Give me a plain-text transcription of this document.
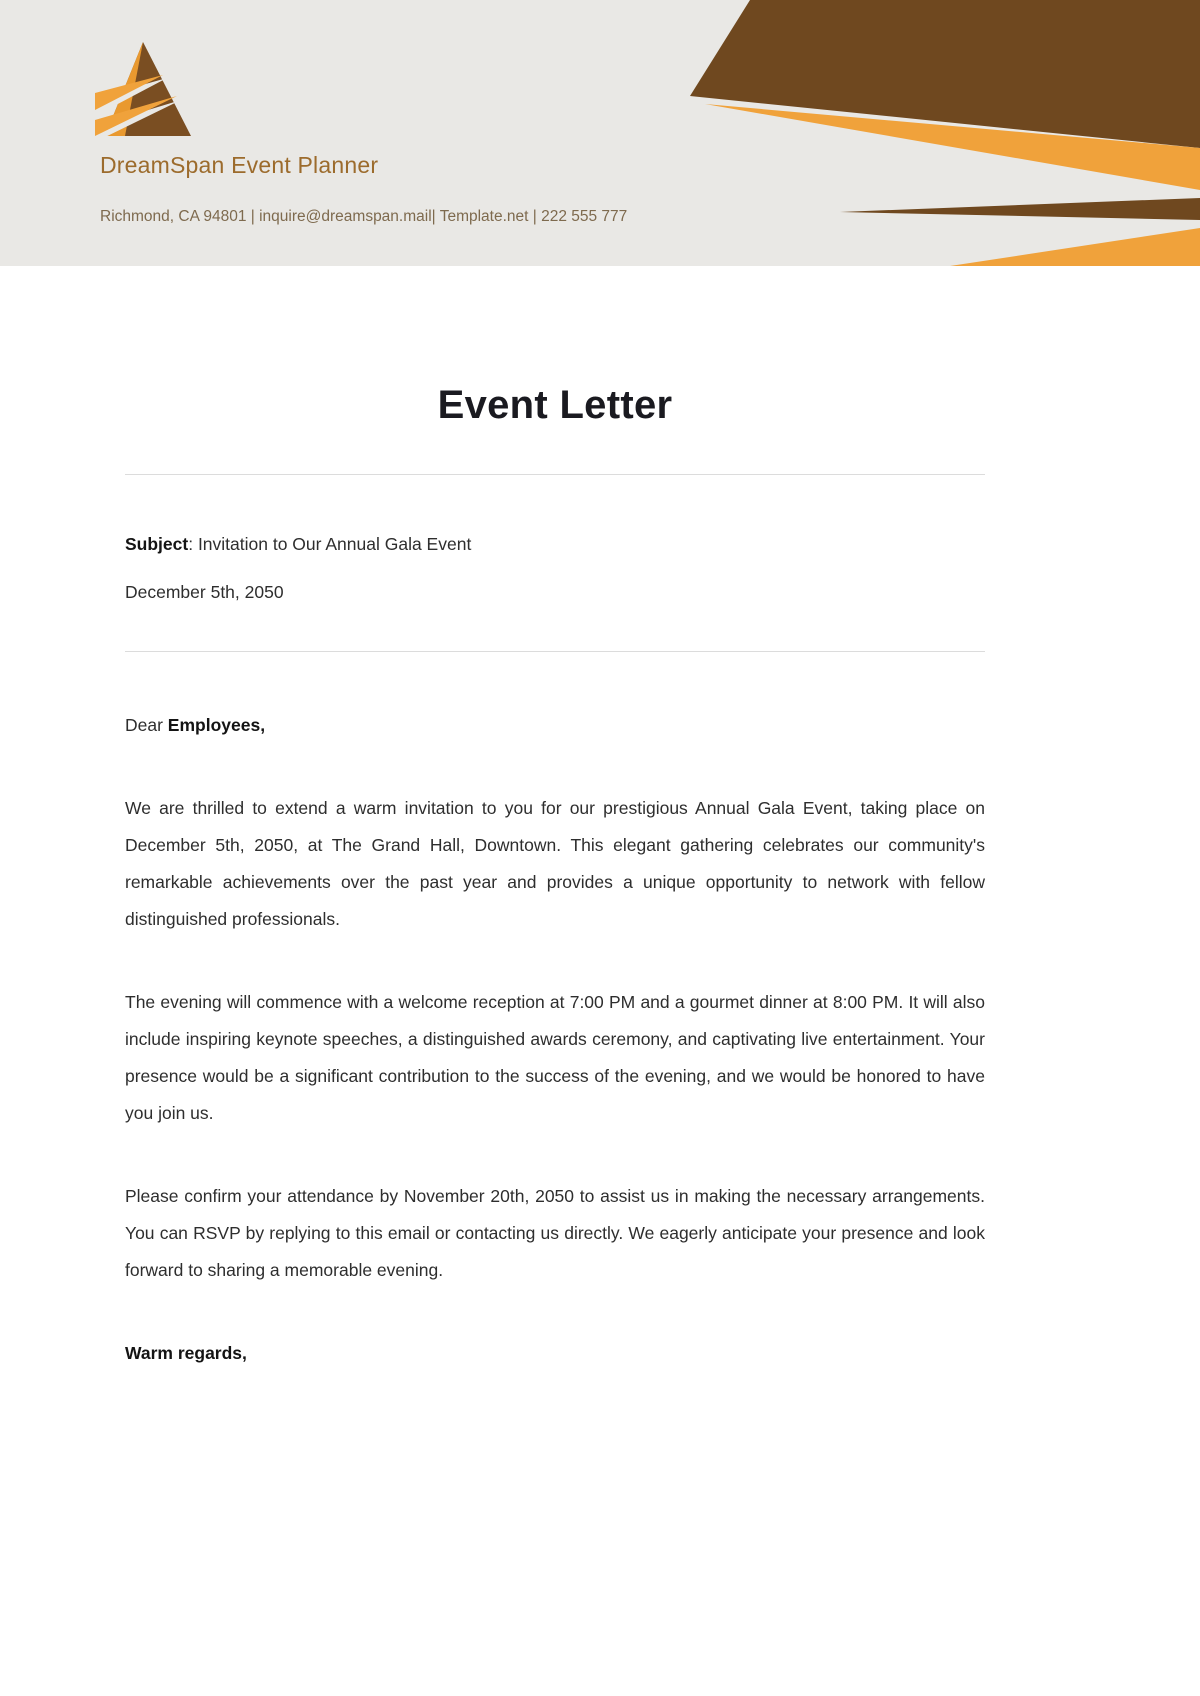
DreamSpan Event Planner
Richmond, CA 94801 | inquire@dreamspan.mail| Template.net | 222 555 777
Event Letter

Subject: Invitation to Our Annual Gala Event

December 5th, 2050

Dear Employees,

We are thrilled to extend a warm invitation to you for our prestigious Annual Gala Event, taking place on December 5th, 2050, at The Grand Hall, Downtown. This elegant gathering celebrates our community's remarkable achievements over the past year and provides a unique opportunity to network with fellow distinguished professionals.

The evening will commence with a welcome reception at 7:00 PM and a gourmet dinner at 8:00 PM. It will also include inspiring keynote speeches, a distinguished awards ceremony, and captivating live entertainment. Your presence would be a significant contribution to the success of the evening, and we would be honored to have you join us.

Please confirm your attendance by November 20th, 2050 to assist us in making the necessary arrangements. You can RSVP by replying to this email or contacting us directly. We eagerly anticipate your presence and look forward to sharing a memorable evening.

Warm regards,
